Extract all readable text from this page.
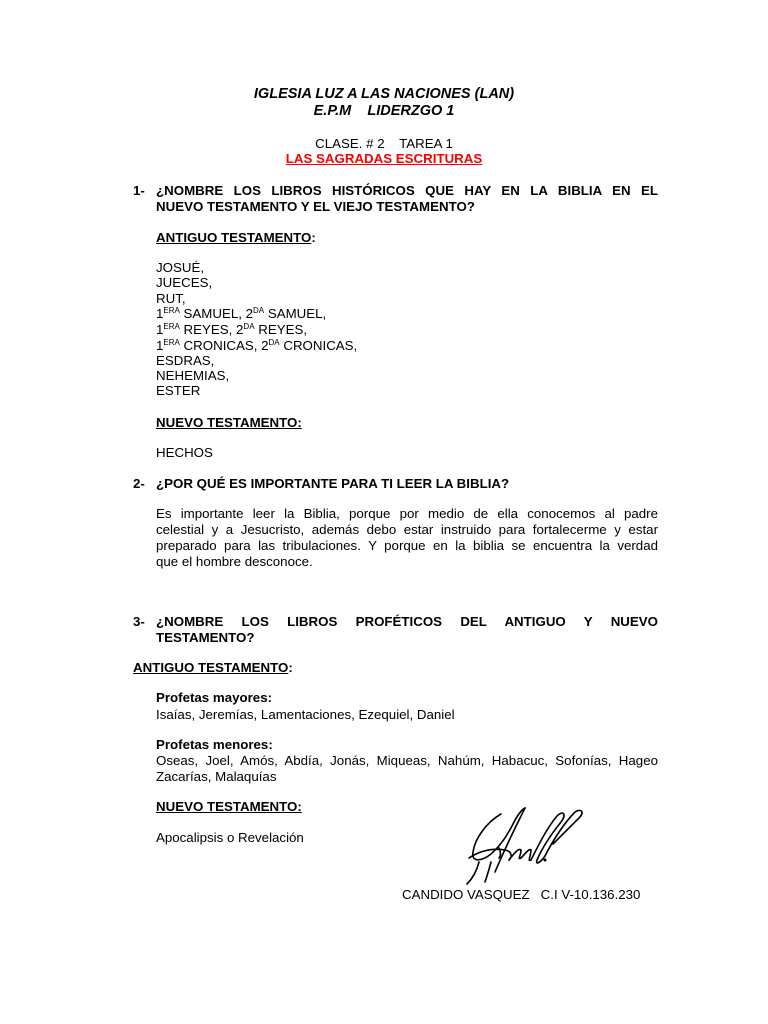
IGLESIA LUZ A LAS NACIONES (LAN)
E.P.M    LIDERZGO 1
CLASE. # 2    TAREA 1
LAS SAGRADAS ESCRITURAS
1- ¿NOMBRE LOS LIBROS HISTÓRICOS QUE HAY EN LA BIBLIA EN EL
NUEVO TESTAMENTO Y EL VIEJO TESTAMENTO?
ANTIGUO TESTAMENTO:
JOSUÉ,
JUECES,
RUT,
$1^{ERA}$ SAMUEL, $2^{DA}$ SAMUEL,
$1^{ERA}$ REYES, $2^{DA}$ REYES,
$1^{ERA}$ CRONICAS, $2^{DA}$ CRONICAS,
ESDRAS,
NEHEMIAS,
ESTER
NUEVO TESTAMENTO:
HECHOS
2- ¿POR QUÉ ES IMPORTANTE PARA TI LEER LA BIBLIA?
Es importante leer la Biblia, porque por medio de ella conocemos al padre
celestial y a Jesucristo, además debo estar instruido para fortalecerme y estar
preparado para las tribulaciones. Y porque en la biblia se encuentra la verdad
que el hombre desconoce.
3- ¿NOMBRE LOS LIBROS PROFÉTICOS DEL ANTIGUO Y NUEVO
TESTAMENTO?
ANTIGUO TESTAMENTO:
Profetas mayores:
Isaías, Jeremías, Lamentaciones, Ezequiel, Daniel
Profetas menores:
Oseas, Joel, Amós, Abdía, Jonás, Miqueas, Nahúm, Habacuc, Sofonías, Hageo
Zacarías, Malaquías
NUEVO TESTAMENTO:
Apocalipsis o Revelación
CANDIDO VASQUEZ   C.I V-10.136.230
